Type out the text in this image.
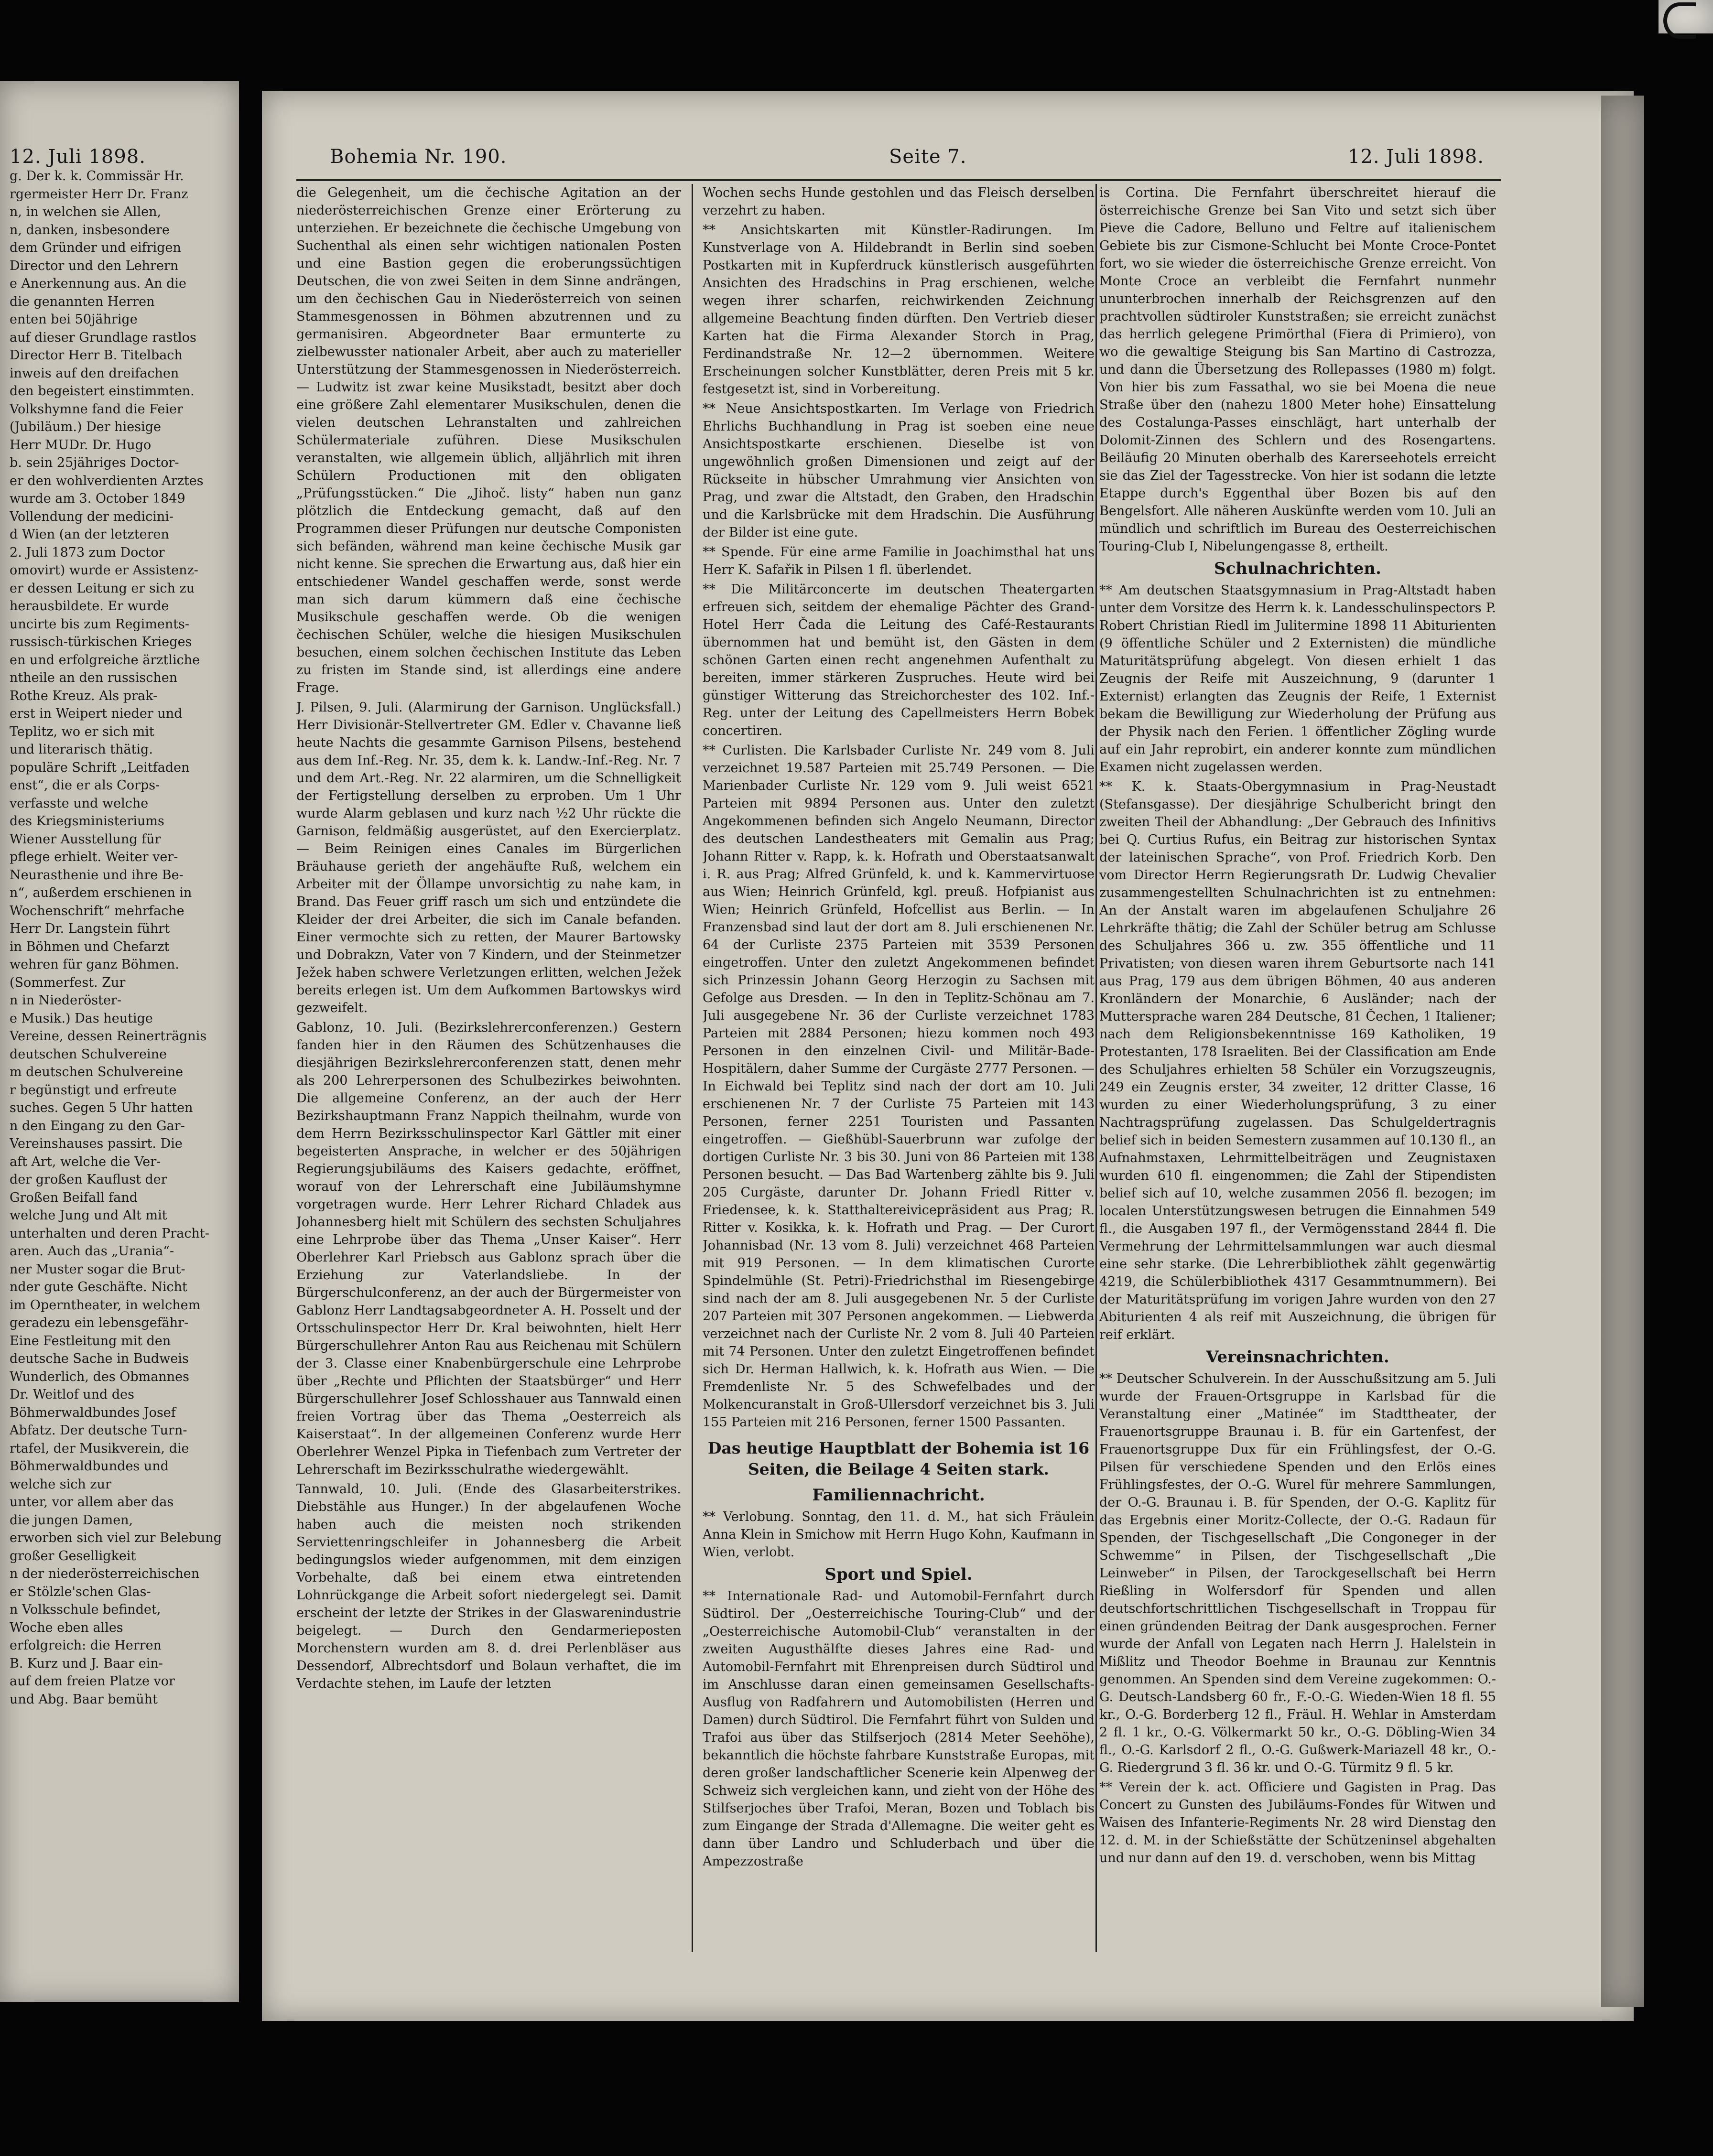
12. Juli 1898.	Bohemia Nr. 190.	Seite 7.	12. Juli 1898.
g. Der k. k. Commissär Hr.
rgermeister Herr Dr. Franz
n, in welchen sie Allen,
n, danken, insbesondere
dem Gründer und eifrigen
Director und den Lehrern
e Anerkennung aus. An die
die genannten Herren
enten bei 50jährige
auf dieser Grundlage rastlos
Director Herr B. Titelbach
inweis auf den dreifachen
den begeistert einstimmten.
Volkshymne fand die Feier
(Jubiläum.) Der hiesige
Herr MUDr. Dr. Hugo
b. sein 25jähriges Doctor-
er den wohlverdienten Arztes
wurde am 3. October 1849
Vollendung der medicini-
d Wien (an der letzteren
2. Juli 1873 zum Doctor
omovirt) wurde er Assistenz-
er dessen Leitung er sich zu
herausbildete. Er wurde
uncirte bis zum Regiments-
russisch-türkischen Krieges
en und erfolgreiche ärztliche
ntheile an den russischen
Rothe Kreuz. Als prak-
erst in Weipert nieder und
Teplitz, wo er sich mit
und literarisch thätig.
populäre Schrift „Leitfaden
enst“, die er als Corps-
verfasste und welche
des Kriegsministeriums
Wiener Ausstellung für
pflege erhielt. Weiter ver-
Neurasthenie und ihre Be-
n“, außerdem erschienen in
Wochenschrift“ mehrfache
Herr Dr. Langstein führt
in Böhmen und Chefarzt
wehren für ganz Böhmen.
(Sommerfest. Zur
n in Niederöster-
e Musik.) Das heutige
Vereine, dessen Reinerträgnis
deutschen Schulvereine
m deutschen Schulvereine
r begünstigt und erfreute
suches. Gegen 5 Uhr hatten
n den Eingang zu den Gar-
Vereinshauses passirt. Die
aft Art, welche die Ver-
der großen Kauflust der
Großen Beifall fand
welche Jung und Alt mit
unterhalten und deren Pracht-
aren. Auch das „Urania“-
ner Muster sogar die Brut-
nder gute Geschäfte. Nicht
im Operntheater, in welchem
geradezu ein lebensgefähr-
Eine Festleitung mit den
deutsche Sache in Budweis
Wunderlich, des Obmannes
Dr. Weitlof und des
Böhmerwaldbundes Josef
Abfatz. Der deutsche Turn-
rtafel, der Musikverein, die
Böhmerwaldbundes und
welche sich zur
unter, vor allem aber das
die jungen Damen,
erworben sich viel zur Belebung
großer Geselligkeit
n der niederösterreichischen
er Stölzle'schen Glas-
n Volksschule befindet,
Woche eben alles
erfolgreich: die Herren
B. Kurz und J. Baar ein-
auf dem freien Platze vor
und Abg. Baar bemüht

die Gelegenheit, um die čechische Agitation an der niederösterreichischen Grenze einer Erörterung zu unterziehen. Er bezeichnete die čechische Umgebung von Suchenthal als einen sehr wichtigen nationalen Posten und eine Bastion gegen die eroberungssüchtigen Deutschen, die von zwei Seiten in dem Sinne andrängen, um den čechischen Gau in Niederösterreich von seinen Stammesgenossen in Böhmen abzutrennen und zu germanisiren. Abgeordneter Baar ermunterte zu zielbewusster nationaler Arbeit, aber auch zu materieller Unterstützung der Stammesgenossen in Niederösterreich. — Ludwitz ist zwar keine Musikstadt, besitzt aber doch eine größere Zahl elementarer Musikschulen, denen die vielen deutschen Lehranstalten und zahlreichen Schülermateriale zuführen. Diese Musikschulen veranstalten, wie allgemein üblich, alljährlich mit ihren Schülern Productionen mit den obligaten „Prüfungsstücken.“ Die „Jihoč. listy“ haben nun ganz plötzlich die Entdeckung gemacht, daß auf den Programmen dieser Prüfungen nur deutsche Componisten sich befänden, während man keine čechische Musik gar nicht kenne. Sie sprechen die Erwartung aus, daß hier ein entschiedener Wandel geschaffen werde, sonst werde man sich darum kümmern daß eine čechische Musikschule geschaffen werde. Ob die wenigen čechischen Schüler, welche die hiesigen Musikschulen besuchen, einem solchen čechischen Institute das Leben zu fristen im Stande sind, ist allerdings eine andere Frage.

J. Pilsen, 9. Juli. (Alarmirung der Garnison. Unglücksfall.) Herr Divisionär-Stellvertreter GM. Edler v. Chavanne ließ heute Nachts die gesammte Garnison Pilsens, bestehend aus dem Inf.-Reg. Nr. 35, dem k. k. Landw.-Inf.-Reg. Nr. 7 und dem Art.-Reg. Nr. 22 alarmiren, um die Schnelligkeit der Fertigstellung derselben zu erproben. Um 1 Uhr wurde Alarm geblasen und kurz nach ½2 Uhr rückte die Garnison, feldmäßig ausgerüstet, auf den Exercierplatz. — Beim Reinigen eines Canales im Bürgerlichen Bräuhause gerieth der angehäufte Ruß, welchem ein Arbeiter mit der Öllampe unvorsichtig zu nahe kam, in Brand. Das Feuer griff rasch um sich und entzündete die Kleider der drei Arbeiter, die sich im Canale befanden. Einer vermochte sich zu retten, der Maurer Bartowsky und Dobrakzn, Vater von 7 Kindern, und der Steinmetzer Ježek haben schwere Verletzungen erlitten, welchen Ježek bereits erlegen ist. Um dem Aufkommen Bartowskys wird gezweifelt.

Gablonz, 10. Juli. (Bezirkslehrerconferenzen.) Gestern fanden hier in den Räumen des Schützenhauses die diesjährigen Bezirkslehrerconferenzen statt, denen mehr als 200 Lehrerpersonen des Schulbezirkes beiwohnten. Die allgemeine Conferenz, an der auch der Herr Bezirkshauptmann Franz Nappich theilnahm, wurde von dem Herrn Bezirksschulinspector Karl Gättler mit einer begeisterten Ansprache, in welcher er des 50jährigen Regierungsjubiläums des Kaisers gedachte, eröffnet, worauf von der Lehrerschaft eine Jubiläumshymne vorgetragen wurde. Herr Lehrer Richard Chladek aus Johannesberg hielt mit Schülern des sechsten Schuljahres eine Lehrprobe über das Thema „Unser Kaiser“. Herr Oberlehrer Karl Priebsch aus Gablonz sprach über die Erziehung zur Vaterlandsliebe. In der Bürgerschulconferenz, an der auch der Bürgermeister von Gablonz Herr Landtagsabgeordneter A. H. Posselt und der Ortsschulinspector Herr Dr. Kral beiwohnten, hielt Herr Bürgerschullehrer Anton Rau aus Reichenau mit Schülern der 3. Classe einer Knabenbürgerschule eine Lehrprobe über „Rechte und Pflichten der Staatsbürger“ und Herr Bürgerschullehrer Josef Schlosshauer aus Tannwald einen freien Vortrag über das Thema „Oesterreich als Kaiserstaat“. In der allgemeinen Conferenz wurde Herr Oberlehrer Wenzel Pipka in Tiefenbach zum Vertreter der Lehrerschaft im Bezirksschulrathe wiedergewählt.

Tannwald, 10. Juli. (Ende des Glasarbeiterstrikes. Diebstähle aus Hunger.) In der abgelaufenen Woche haben auch die meisten noch strikenden Serviettenringschleifer in Johannesberg die Arbeit bedingungslos wieder aufgenommen, mit dem einzigen Vorbehalte, daß bei einem etwa eintretenden Lohnrückgange die Arbeit sofort niedergelegt sei. Damit erscheint der letzte der Strikes in der Glaswarenindustrie beigelegt. — Durch den Gendarmerieposten Morchenstern wurden am 8. d. drei Perlenbläser aus Dessendorf, Albrechtsdorf und Bolaun verhaftet, die im Verdachte stehen, im Laufe der letzten

Wochen sechs Hunde gestohlen und das Fleisch derselben verzehrt zu haben.

** Ansichtskarten mit Künstler-Radirungen. Im Kunstverlage von A. Hildebrandt in Berlin sind soeben Postkarten mit in Kupferdruck künstlerisch ausgeführten Ansichten des Hradschins in Prag erschienen, welche wegen ihrer scharfen, reichwirkenden Zeichnung allgemeine Beachtung finden dürften. Den Vertrieb dieser Karten hat die Firma Alexander Storch in Prag, Ferdinandstraße Nr. 12—2 übernommen. Weitere Erscheinungen solcher Kunstblätter, deren Preis mit 5 kr. festgesetzt ist, sind in Vorbereitung.

** Neue Ansichtspostkarten. Im Verlage von Friedrich Ehrlichs Buchhandlung in Prag ist soeben eine neue Ansichtspostkarte erschienen. Dieselbe ist von ungewöhnlich großen Dimensionen und zeigt auf der Rückseite in hübscher Umrahmung vier Ansichten von Prag, und zwar die Altstadt, den Graben, den Hradschin und die Karlsbrücke mit dem Hradschin. Die Ausführung der Bilder ist eine gute.

** Spende. Für eine arme Familie in Joachimsthal hat uns Herr K. Safařik in Pilsen 1 fl. überlendet.

** Die Militärconcerte im deutschen Theatergarten erfreuen sich, seitdem der ehemalige Pächter des Grand-Hotel Herr Čada die Leitung des Café-Restaurants übernommen hat und bemüht ist, den Gästen in dem schönen Garten einen recht angenehmen Aufenthalt zu bereiten, immer stärkeren Zuspruches. Heute wird bei günstiger Witterung das Streichorchester des 102. Inf.-Reg. unter der Leitung des Capellmeisters Herrn Bobek concertiren.

** Curlisten. Die Karlsbader Curliste Nr. 249 vom 8. Juli verzeichnet 19.587 Parteien mit 25.749 Personen. — Die Marienbader Curliste Nr. 129 vom 9. Juli weist 6521 Parteien mit 9894 Personen aus. Unter den zuletzt Angekommenen befinden sich Angelo Neumann, Director des deutschen Landestheaters mit Gemalin aus Prag; Johann Ritter v. Rapp, k. k. Hofrath und Oberstaatsanwalt i. R. aus Prag; Alfred Grünfeld, k. und k. Kammervirtuose aus Wien; Heinrich Grünfeld, kgl. preuß. Hofpianist aus Wien; Heinrich Grünfeld, Hofcellist aus Berlin. — In Franzensbad sind laut der dort am 8. Juli erschienenen Nr. 64 der Curliste 2375 Parteien mit 3539 Personen eingetroffen. Unter den zuletzt Angekommenen befindet sich Prinzessin Johann Georg Herzogin zu Sachsen mit Gefolge aus Dresden. — In den in Teplitz-Schönau am 7. Juli ausgegebene Nr. 36 der Curliste verzeichnet 1783 Parteien mit 2884 Personen; hiezu kommen noch 493 Personen in den einzelnen Civil- und Militär-Bade-Hospitälern, daher Summe der Curgäste 2777 Personen. — In Eichwald bei Teplitz sind nach der dort am 10. Juli erschienenen Nr. 7 der Curliste 75 Parteien mit 143 Personen, ferner 2251 Touristen und Passanten eingetroffen. — Gießhübl-Sauerbrunn war zufolge der dortigen Curliste Nr. 3 bis 30. Juni von 86 Parteien mit 138 Personen besucht. — Das Bad Wartenberg zählte bis 9. Juli 205 Curgäste, darunter Dr. Johann Friedl Ritter v. Friedensee, k. k. Statthaltereivicepräsident aus Prag; R. Ritter v. Kosikka, k. k. Hofrath und Prag. — Der Curort Johannisbad (Nr. 13 vom 8. Juli) verzeichnet 468 Parteien mit 919 Personen. — In dem klimatischen Curorte Spindelmühle (St. Petri)-Friedrichsthal im Riesengebirge sind nach der am 8. Juli ausgegebenen Nr. 5 der Curliste 207 Parteien mit 307 Personen angekommen. — Liebwerda verzeichnet nach der Curliste Nr. 2 vom 8. Juli 40 Parteien mit 74 Personen. Unter den zuletzt Eingetroffenen befindet sich Dr. Herman Hallwich, k. k. Hofrath aus Wien. — Die Fremdenliste Nr. 5 des Schwefelbades und der Molkencuranstalt in Groß-Ullersdorf verzeichnet bis 3. Juli 155 Parteien mit 216 Personen, ferner 1500 Passanten.

Das heutige Hauptblatt der Bohemia ist 16 Seiten, die Beilage 4 Seiten stark.
Familiennachricht.

** Verlobung. Sonntag, den 11. d. M., hat sich Fräulein Anna Klein in Smichow mit Herrn Hugo Kohn, Kaufmann in Wien, verlobt.

Sport und Spiel.

** Internationale Rad- und Automobil-Fernfahrt durch Südtirol. Der „Oesterreichische Touring-Club“ und der „Oesterreichische Automobil-Club“ veranstalten in der zweiten Augusthälfte dieses Jahres eine Rad- und Automobil-Fernfahrt mit Ehrenpreisen durch Südtirol und im Anschlusse daran einen gemeinsamen Gesellschafts-Ausflug von Radfahrern und Automobilisten (Herren und Damen) durch Südtirol. Die Fernfahrt führt von Sulden und Trafoi aus über das Stilfserjoch (2814 Meter Seehöhe), bekanntlich die höchste fahrbare Kunststraße Europas, mit deren großer landschaftlicher Scenerie kein Alpenweg der Schweiz sich vergleichen kann, und zieht von der Höhe des Stilfserjoches über Trafoi, Meran, Bozen und Toblach bis zum Eingange der Strada d'Allemagne. Die weiter geht es dann über Landro und Schluderbach und über die Ampezzostraße

is Cortina. Die Fernfahrt überschreitet hierauf die österreichische Grenze bei San Vito und setzt sich über Pieve die Cadore, Belluno und Feltre auf italienischem Gebiete bis zur Cismone-Schlucht bei Monte Croce-Pontet fort, wo sie wieder die österreichische Grenze erreicht. Von Monte Croce an verbleibt die Fernfahrt nunmehr ununterbrochen innerhalb der Reichsgrenzen auf den prachtvollen südtiroler Kunststraßen; sie erreicht zunächst das herrlich gelegene Primörthal (Fiera di Primiero), von wo die gewaltige Steigung bis San Martino di Castrozza, und dann die Übersetzung des Rollepasses (1980 m) folgt. Von hier bis zum Fassathal, wo sie bei Moena die neue Straße über den (nahezu 1800 Meter hohe) Einsattelung des Costalunga-Passes einschlägt, hart unterhalb der Dolomit-Zinnen des Schlern und des Rosengartens. Beiläufig 20 Minuten oberhalb des Karerseehotels erreicht sie das Ziel der Tagesstrecke. Von hier ist sodann die letzte Etappe durch's Eggenthal über Bozen bis auf den Bengelsfort. Alle näheren Auskünfte werden vom 10. Juli an mündlich und schriftlich im Bureau des Oesterreichischen Touring-Club I, Nibelungengasse 8, ertheilt.

Schulnachrichten.

** Am deutschen Staatsgymnasium in Prag-Altstadt haben unter dem Vorsitze des Herrn k. k. Landesschulinspectors P. Robert Christian Riedl im Julitermine 1898 11 Abiturienten (9 öffentliche Schüler und 2 Externisten) die mündliche Maturitätsprüfung abgelegt. Von diesen erhielt 1 das Zeugnis der Reife mit Auszeichnung, 9 (darunter 1 Externist) erlangten das Zeugnis der Reife, 1 Externist bekam die Bewilligung zur Wiederholung der Prüfung aus der Physik nach den Ferien. 1 öffentlicher Zögling wurde auf ein Jahr reprobirt, ein anderer konnte zum mündlichen Examen nicht zugelassen werden.

** K. k. Staats-Obergymnasium in Prag-Neustadt (Stefansgasse). Der diesjährige Schulbericht bringt den zweiten Theil der Abhandlung: „Der Gebrauch des Infinitivs bei Q. Curtius Rufus, ein Beitrag zur historischen Syntax der lateinischen Sprache“, von Prof. Friedrich Korb. Den vom Director Herrn Regierungsrath Dr. Ludwig Chevalier zusammengestellten Schulnachrichten ist zu entnehmen: An der Anstalt waren im abgelaufenen Schuljahre 26 Lehrkräfte thätig; die Zahl der Schüler betrug am Schlusse des Schuljahres 366 u. zw. 355 öffentliche und 11 Privatisten; von diesen waren ihrem Geburtsorte nach 141 aus Prag, 179 aus dem übrigen Böhmen, 40 aus anderen Kronländern der Monarchie, 6 Ausländer; nach der Muttersprache waren 284 Deutsche, 81 Čechen, 1 Italiener; nach dem Religionsbekenntnisse 169 Katholiken, 19 Protestanten, 178 Israeliten. Bei der Classification am Ende des Schuljahres erhielten 58 Schüler ein Vorzugszeugnis, 249 ein Zeugnis erster, 34 zweiter, 12 dritter Classe, 16 wurden zu einer Wiederholungsprüfung, 3 zu einer Nachtragsprüfung zugelassen. Das Schulgeldertragnis belief sich in beiden Semestern zusammen auf 10.130 fl., an Aufnahmstaxen, Lehrmittelbeiträgen und Zeugnistaxen wurden 610 fl. eingenommen; die Zahl der Stipendisten belief sich auf 10, welche zusammen 2056 fl. bezogen; im localen Unterstützungswesen betrugen die Einnahmen 549 fl., die Ausgaben 197 fl., der Vermögensstand 2844 fl. Die Vermehrung der Lehrmittelsammlungen war auch diesmal eine sehr starke. (Die Lehrerbibliothek zählt gegenwärtig 4219, die Schülerbibliothek 4317 Gesammtnummern). Bei der Maturitätsprüfung im vorigen Jahre wurden von den 27 Abiturienten 4 als reif mit Auszeichnung, die übrigen für reif erklärt.

Vereinsnachrichten.

** Deutscher Schulverein. In der Ausschußsitzung am 5. Juli wurde der Frauen-Ortsgruppe in Karlsbad für die Veranstaltung einer „Matinée“ im Stadttheater, der Frauenortsgruppe Braunau i. B. für ein Gartenfest, der Frauenortsgruppe Dux für ein Frühlingsfest, der O.-G. Pilsen für verschiedene Spenden und den Erlös eines Frühlingsfestes, der O.-G. Wurel für mehrere Sammlungen, der O.-G. Braunau i. B. für Spenden, der O.-G. Kaplitz für das Ergebnis einer Moritz-Collecte, der O.-G. Radaun für Spenden, der Tischgesellschaft „Die Congoneger in der Schwemme“ in Pilsen, der Tischgesellschaft „Die Leinweber“ in Pilsen, der Tarockgesellschaft bei Herrn Rießling in Wolfersdorf für Spenden und allen deutschfortschrittlichen Tischgesellschaft in Troppau für einen gründenden Beitrag der Dank ausgesprochen. Ferner wurde der Anfall von Legaten nach Herrn J. Halelstein in Mißlitz und Theodor Boehme in Braunau zur Kenntnis genommen. An Spenden sind dem Vereine zugekommen: O.-G. Deutsch-Landsberg 60 fr., F.-O.-G. Wieden-Wien 18 fl. 55 kr., O.-G. Borderberg 12 fl., Fräul. H. Wehlar in Amsterdam 2 fl. 1 kr., O.-G. Völkermarkt 50 kr., O.-G. Döbling-Wien 34 fl., O.-G. Karlsdorf 2 fl., O.-G. Gußwerk-Mariazell 48 kr., O.-G. Riedergrund 3 fl. 36 kr. und O.-G. Türmitz 9 fl. 5 kr.

** Verein der k. act. Officiere und Gagisten in Prag. Das Concert zu Gunsten des Jubiläums-Fondes für Witwen und Waisen des Infanterie-Regiments Nr. 28 wird Dienstag den 12. d. M. in der Schießstätte der Schützeninsel abgehalten und nur dann auf den 19. d. verschoben, wenn bis Mittag
